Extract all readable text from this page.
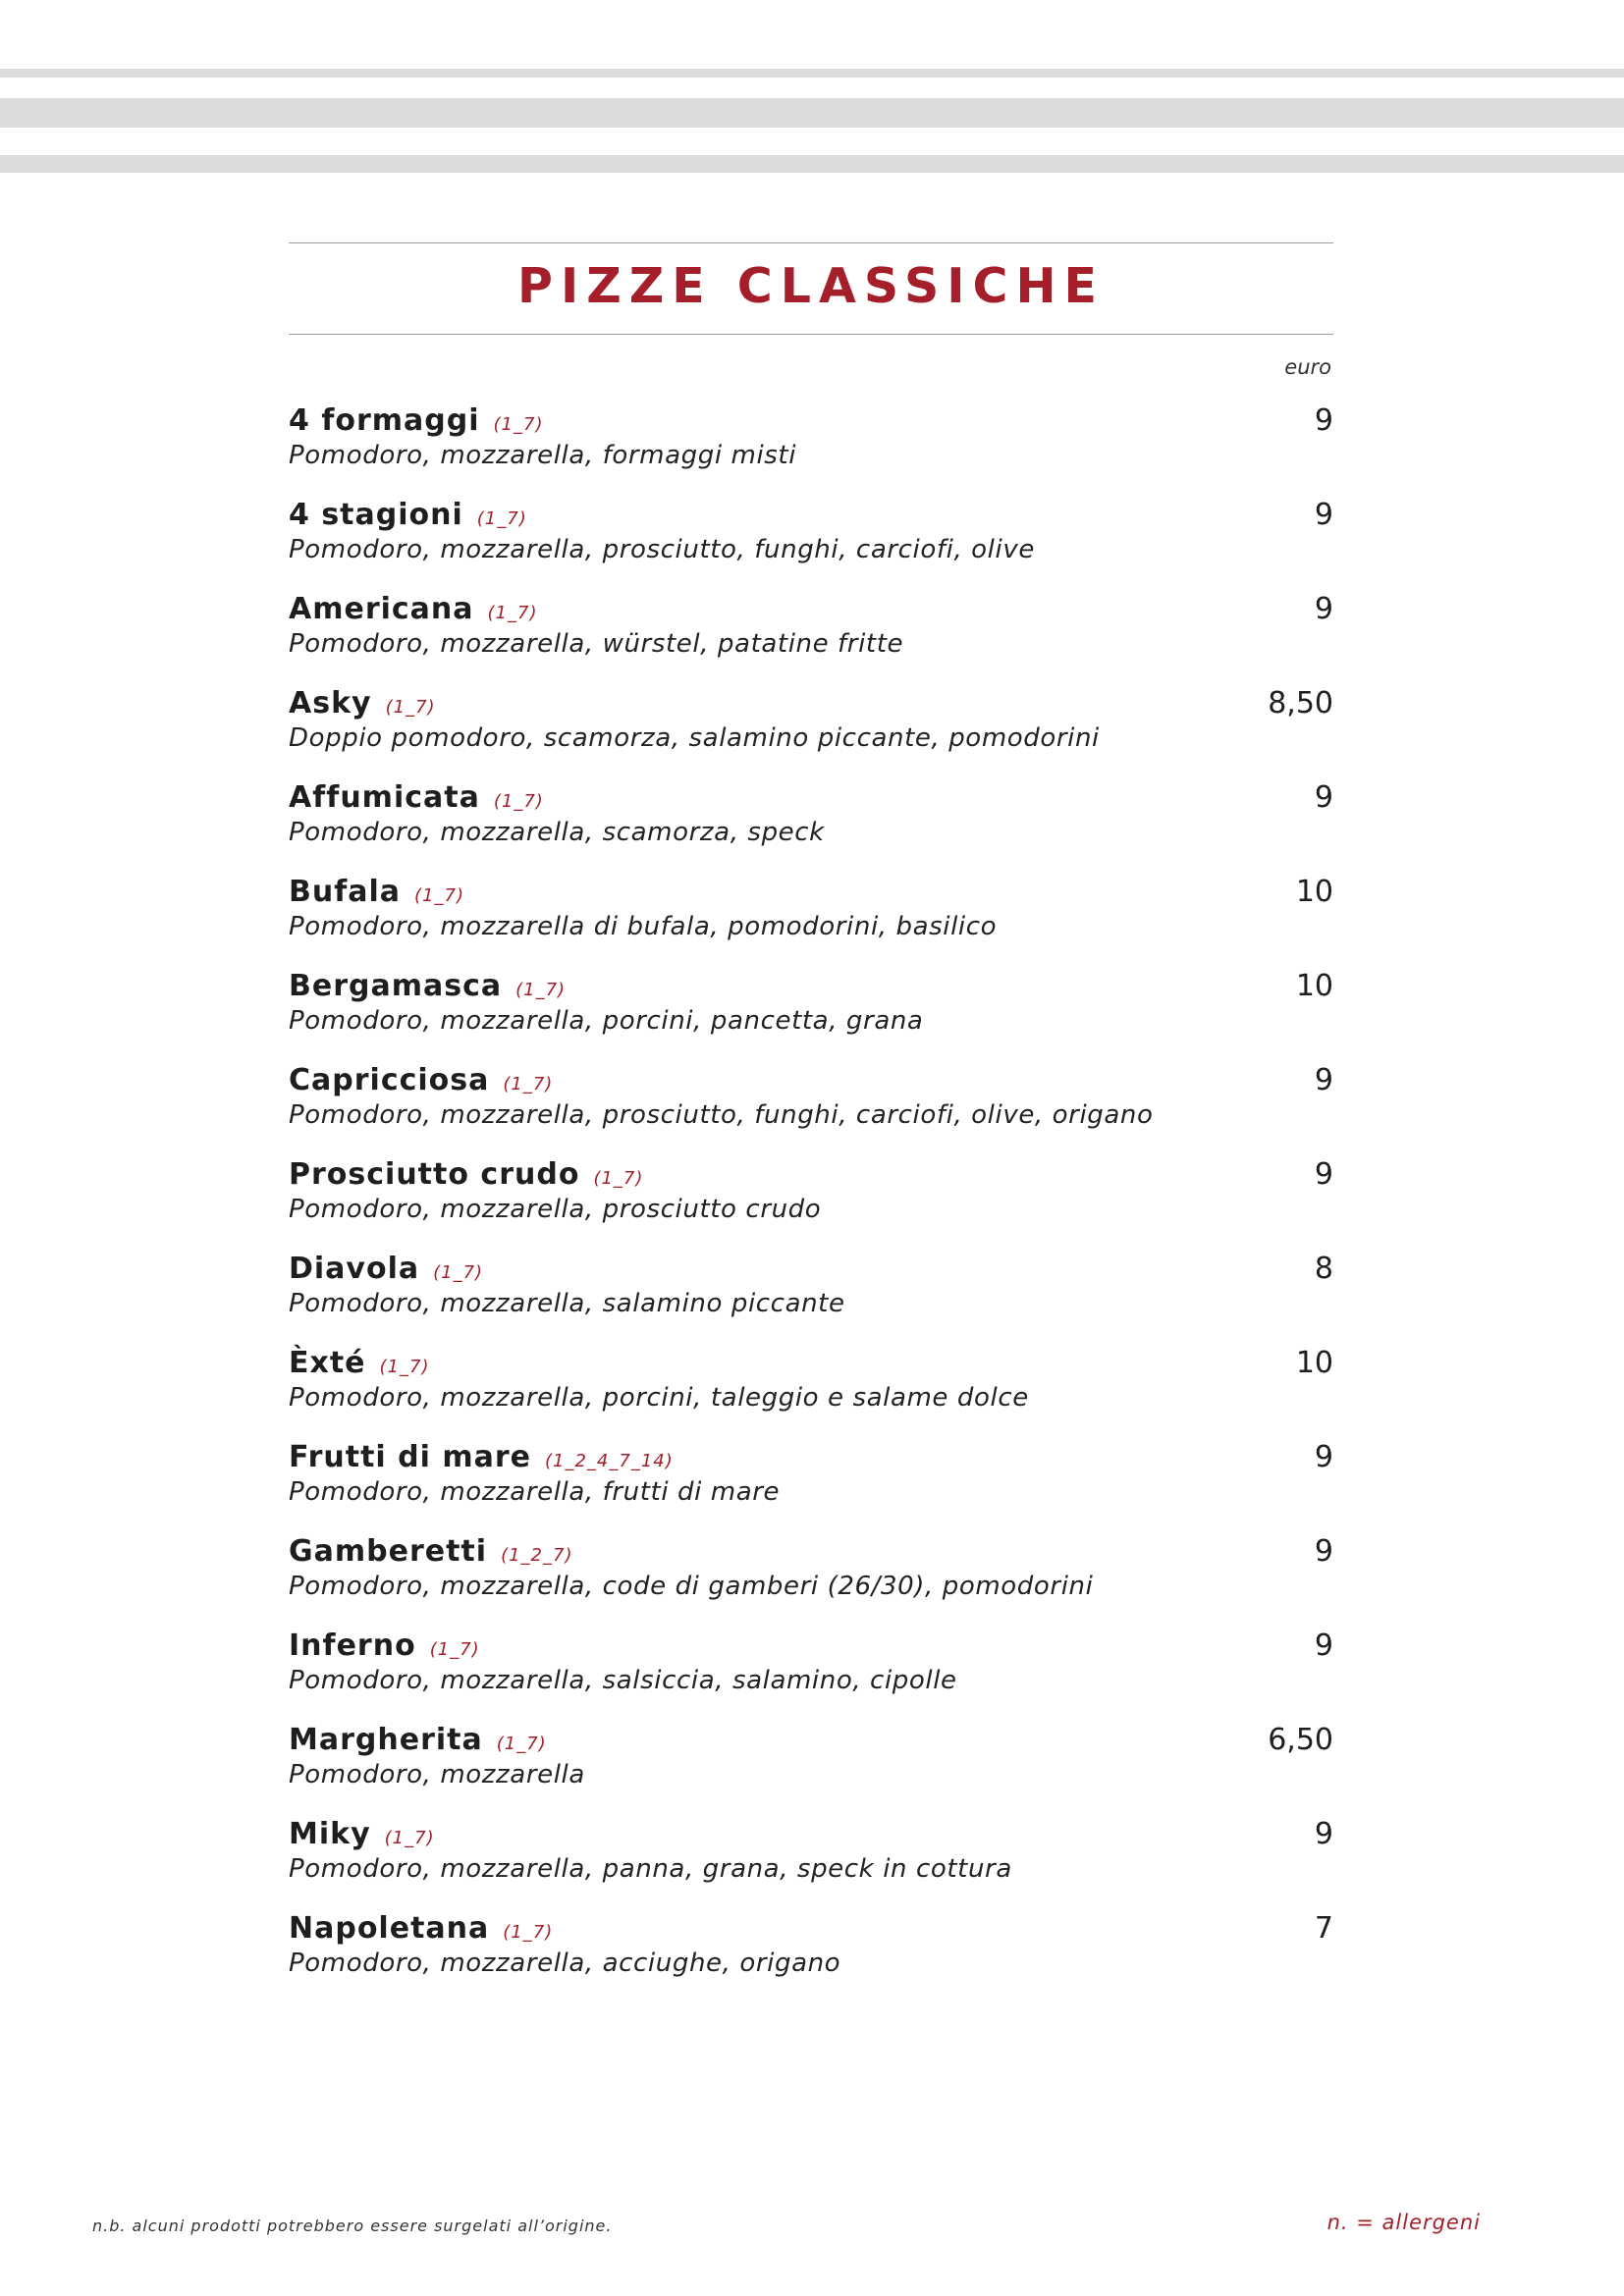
PIZZE CLASSICHE
euro
4 formaggi (1_7)
Pomodoro, mozzarella, formaggi misti
9
4 stagioni (1_7)
Pomodoro, mozzarella, prosciutto, funghi, carciofi, olive
9
Americana (1_7)
Pomodoro, mozzarella, würstel, patatine fritte
9
Asky (1_7)
Doppio pomodoro, scamorza, salamino piccante, pomodorini
8,50
Affumicata (1_7)
Pomodoro, mozzarella, scamorza, speck
9
Bufala (1_7)
Pomodoro, mozzarella di bufala, pomodorini, basilico
10
Bergamasca (1_7)
Pomodoro, mozzarella, porcini, pancetta, grana
10
Capricciosa (1_7)
Pomodoro, mozzarella, prosciutto, funghi, carciofi, olive, origano
9
Prosciutto crudo (1_7)
Pomodoro, mozzarella, prosciutto crudo
9
Diavola (1_7)
Pomodoro, mozzarella, salamino piccante
8
Èxté (1_7)
Pomodoro, mozzarella, porcini, taleggio e salame dolce
10
Frutti di mare (1_2_4_7_14)
Pomodoro, mozzarella, frutti di mare
9
Gamberetti (1_2_7)
Pomodoro, mozzarella, code di gamberi (26/30), pomodorini
9
Inferno (1_7)
Pomodoro, mozzarella, salsiccia, salamino, cipolle
9
Margherita (1_7)
Pomodoro, mozzarella
6,50
Miky (1_7)
Pomodoro, mozzarella, panna, grana, speck in cottura
9
Napoletana (1_7)
Pomodoro, mozzarella, acciughe, origano
7
n.b. alcuni prodotti potrebbero essere surgelati all’origine.	n. = allergeni
